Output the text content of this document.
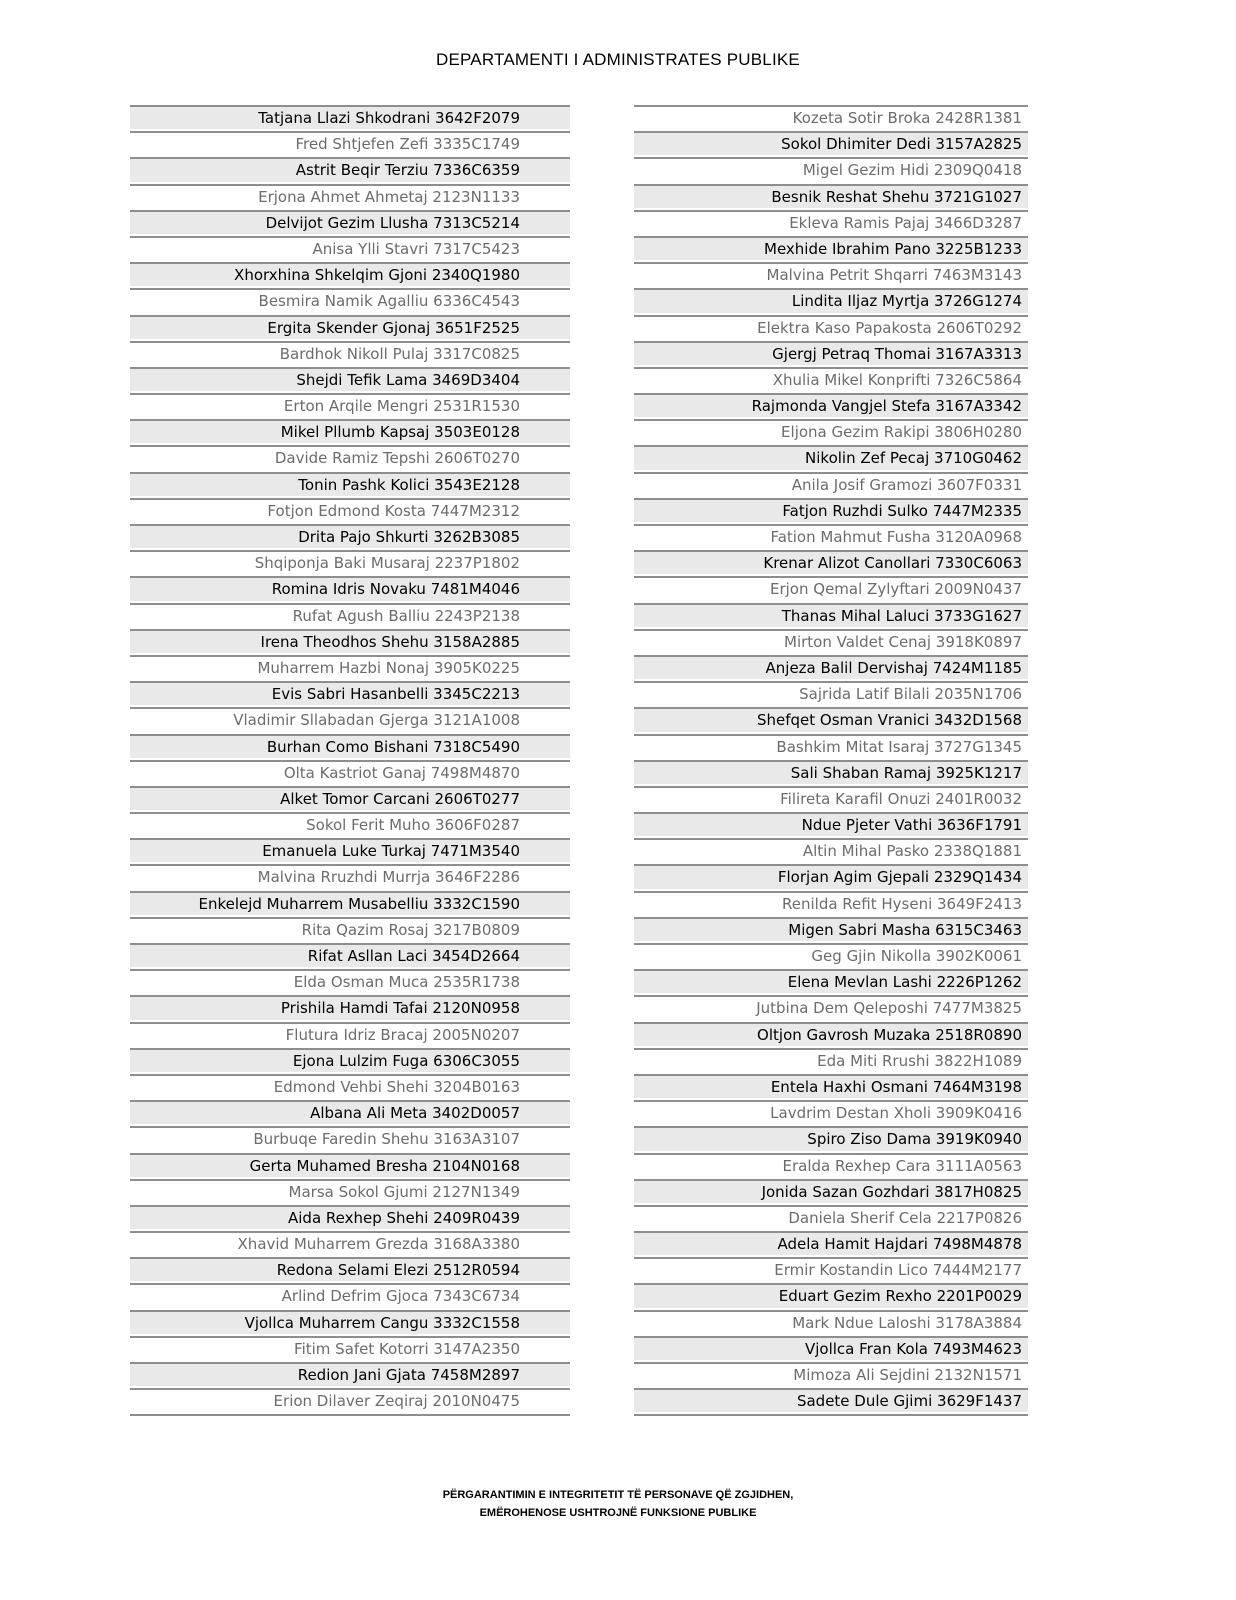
DEPARTAMENTI I ADMINISTRATES PUBLIKE
Tatjana Llazi Shkodrani 3642F2079
Fred Shtjefen Zefi 3335C1749
Astrit Beqir Terziu 7336C6359
Erjona Ahmet Ahmetaj 2123N1133
Delvijot Gezim Llusha 7313C5214
Anisa Ylli Stavri 7317C5423
Xhorxhina Shkelqim Gjoni 2340Q1980
Besmira Namik Agalliu 6336C4543
Ergita Skender Gjonaj 3651F2525
Bardhok Nikoll Pulaj 3317C0825
Shejdi Tefik Lama 3469D3404
Erton Arqile Mengri 2531R1530
Mikel Pllumb Kapsaj 3503E0128
Davide Ramiz Tepshi 2606T0270
Tonin Pashk Kolici 3543E2128
Fotjon Edmond Kosta 7447M2312
Drita Pajo Shkurti 3262B3085
Shqiponja Baki Musaraj 2237P1802
Romina Idris Novaku 7481M4046
Rufat Agush Balliu 2243P2138
Irena Theodhos Shehu 3158A2885
Muharrem Hazbi Nonaj 3905K0225
Evis Sabri Hasanbelli 3345C2213
Vladimir Sllabadan Gjerga 3121A1008
Burhan Como Bishani 7318C5490
Olta Kastriot Ganaj 7498M4870
Alket Tomor Carcani 2606T0277
Sokol Ferit Muho 3606F0287
Emanuela Luke Turkaj 7471M3540
Malvina Rruzhdi Murrja 3646F2286
Enkelejd Muharrem Musabelliu 3332C1590
Rita Qazim Rosaj 3217B0809
Rifat Asllan Laci 3454D2664
Elda Osman Muca 2535R1738
Prishila Hamdi Tafai 2120N0958
Flutura Idriz Bracaj 2005N0207
Ejona Lulzim Fuga 6306C3055
Edmond Vehbi Shehi 3204B0163
Albana Ali Meta 3402D0057
Burbuqe Faredin Shehu 3163A3107
Gerta Muhamed Bresha 2104N0168
Marsa Sokol Gjumi 2127N1349
Aida Rexhep Shehi 2409R0439
Xhavid Muharrem Grezda 3168A3380
Redona Selami Elezi 2512R0594
Arlind Defrim Gjoca 7343C6734
Vjollca Muharrem Cangu 3332C1558
Fitim Safet Kotorri 3147A2350
Redion Jani Gjata 7458M2897
Erion Dilaver Zeqiraj 2010N0475
Kozeta Sotir Broka 2428R1381
Sokol Dhimiter Dedi 3157A2825
Migel Gezim Hidi 2309Q0418
Besnik Reshat Shehu 3721G1027
Ekleva Ramis Pajaj 3466D3287
Mexhide Ibrahim Pano 3225B1233
Malvina Petrit Shqarri 7463M3143
Lindita Iljaz Myrtja 3726G1274
Elektra Kaso Papakosta 2606T0292
Gjergj Petraq Thomai 3167A3313
Xhulia Mikel Konprifti 7326C5864
Rajmonda Vangjel Stefa 3167A3342
Eljona Gezim Rakipi 3806H0280
Nikolin Zef Pecaj 3710G0462
Anila Josif Gramozi 3607F0331
Fatjon Ruzhdi Sulko 7447M2335
Fation Mahmut Fusha 3120A0968
Krenar Alizot Canollari 7330C6063
Erjon Qemal Zylyftari 2009N0437
Thanas Mihal Laluci 3733G1627
Mirton Valdet Cenaj 3918K0897
Anjeza Balil Dervishaj 7424M1185
Sajrida Latif Bilali 2035N1706
Shefqet Osman Vranici 3432D1568
Bashkim Mitat Isaraj 3727G1345
Sali Shaban Ramaj 3925K1217
Filireta Karafil Onuzi 2401R0032
Ndue Pjeter Vathi 3636F1791
Altin Mihal Pasko 2338Q1881
Florjan Agim Gjepali 2329Q1434
Renilda Refit Hyseni 3649F2413
Migen Sabri Masha 6315C3463
Geg Gjin Nikolla 3902K0061
Elena Mevlan Lashi 2226P1262
Jutbina Dem Qeleposhi 7477M3825
Oltjon Gavrosh Muzaka 2518R0890
Eda Miti Rrushi 3822H1089
Entela Haxhi Osmani 7464M3198
Lavdrim Destan Xholi 3909K0416
Spiro Ziso Dama 3919K0940
Eralda Rexhep Cara 3111A0563
Jonida Sazan Gozhdari 3817H0825
Daniela Sherif Cela 2217P0826
Adela Hamit Hajdari 7498M4878
Ermir Kostandin Lico 7444M2177
Eduart Gezim Rexho 2201P0029
Mark Ndue Laloshi 3178A3884
Vjollca Fran Kola 7493M4623
Mimoza Ali Sejdini 2132N1571
Sadete Dule Gjimi 3629F1437
PËRGARANTIMIN E INTEGRITETIT TË PERSONAVE QË ZGJIDHEN,
EMËROHENOSE USHTROJNË FUNKSIONE PUBLIKE
